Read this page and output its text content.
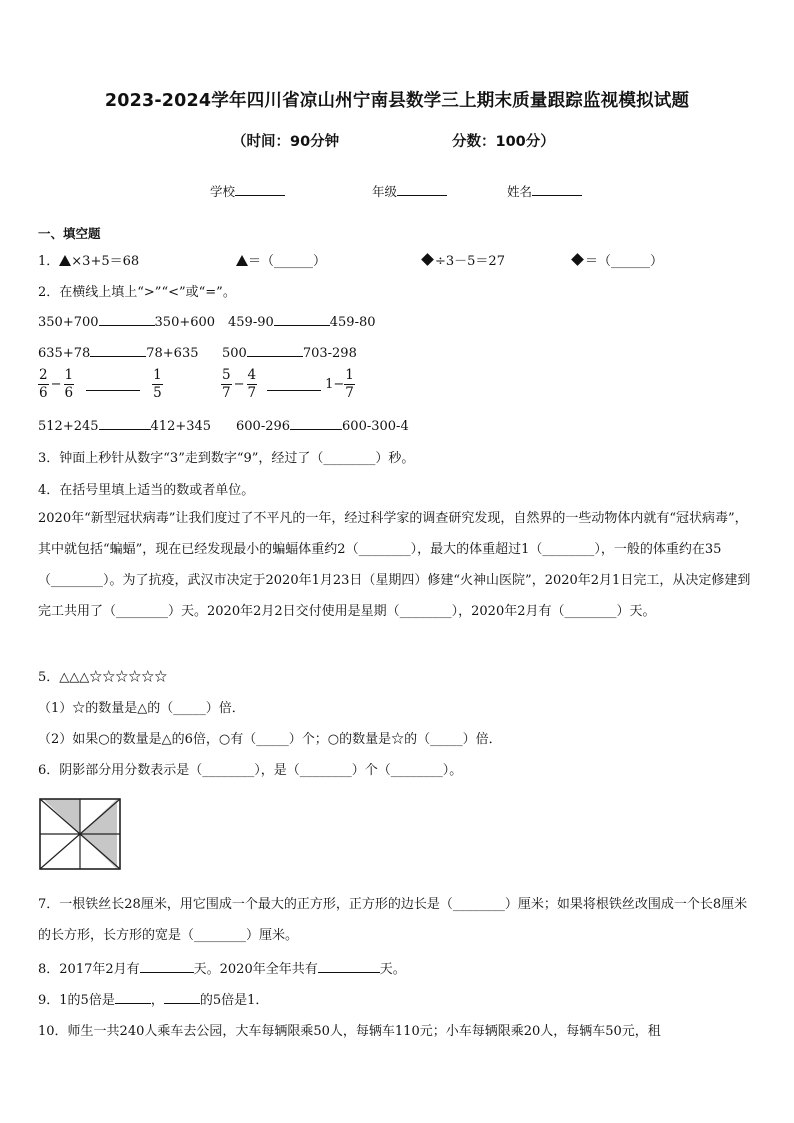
2023-2024学年四川省凉山州宁南县数学三上期末质量跟踪监视模拟试题
（时间：90分钟	分数：100分）
学校	年级	姓名
一、填空题
1． ×3+5＝68	＝（______）	÷3－5＝27	＝（______）
2．在横线上填上“>”“<”或“=”。
350+700	350+600 459-90	459-80
635+78	78+635 500	703-298
$\frac{2}{6} - \frac{1}{6}$	$\frac{1}{5}$	$\frac{5}{7} - \frac{4}{7}$	$1- \frac{1}{7}$
512+245	412+345 600-296	600-300-4
3．钟面上秒针从数字“3”走到数字“9”，经过了（________）秒。
4．在括号里填上适当的数或者单位。
2020年“新型冠状病毒”让我们度过了不平凡的一年，经过科学家的调查研究发现，自然界的一些动物体内就有“冠状病毒”，其中就包括“蝙蝠”，现在已经发现最小的蝙蝠体重约2（________），最大的体重超过1（________），一般的体重约在35（________）。为了抗疫，武汉市决定于2020年1月23日（星期四）修建“火神山医院”，2020年2月1日完工，从决定修建到完工共用了（________）天。2020年2月2日交付使用是星期（________），2020年2月有（________）天。
5．△△△☆☆☆☆☆☆
（1）☆的数量是△的（_____）倍．
（2）如果○的数量是△的6倍，○有（_____）个；○的数量是☆的（_____）倍．
6．阴影部分用分数表示是（________），是（________）个（________）。
7．一根铁丝长28厘米，用它围成一个最大的正方形，正方形的边长是（________）厘米；如果将根铁丝改围成一个长8厘米的长方形，长方形的宽是（________）厘米。
8．2017年2月有	天。2020年全年共有	天。
9．1的5倍是	，	的5倍是1．
10．师生一共240人乘车去公园，大车每辆限乘50人，每辆车110元；小车每辆限乘20人，每辆车50元，租
